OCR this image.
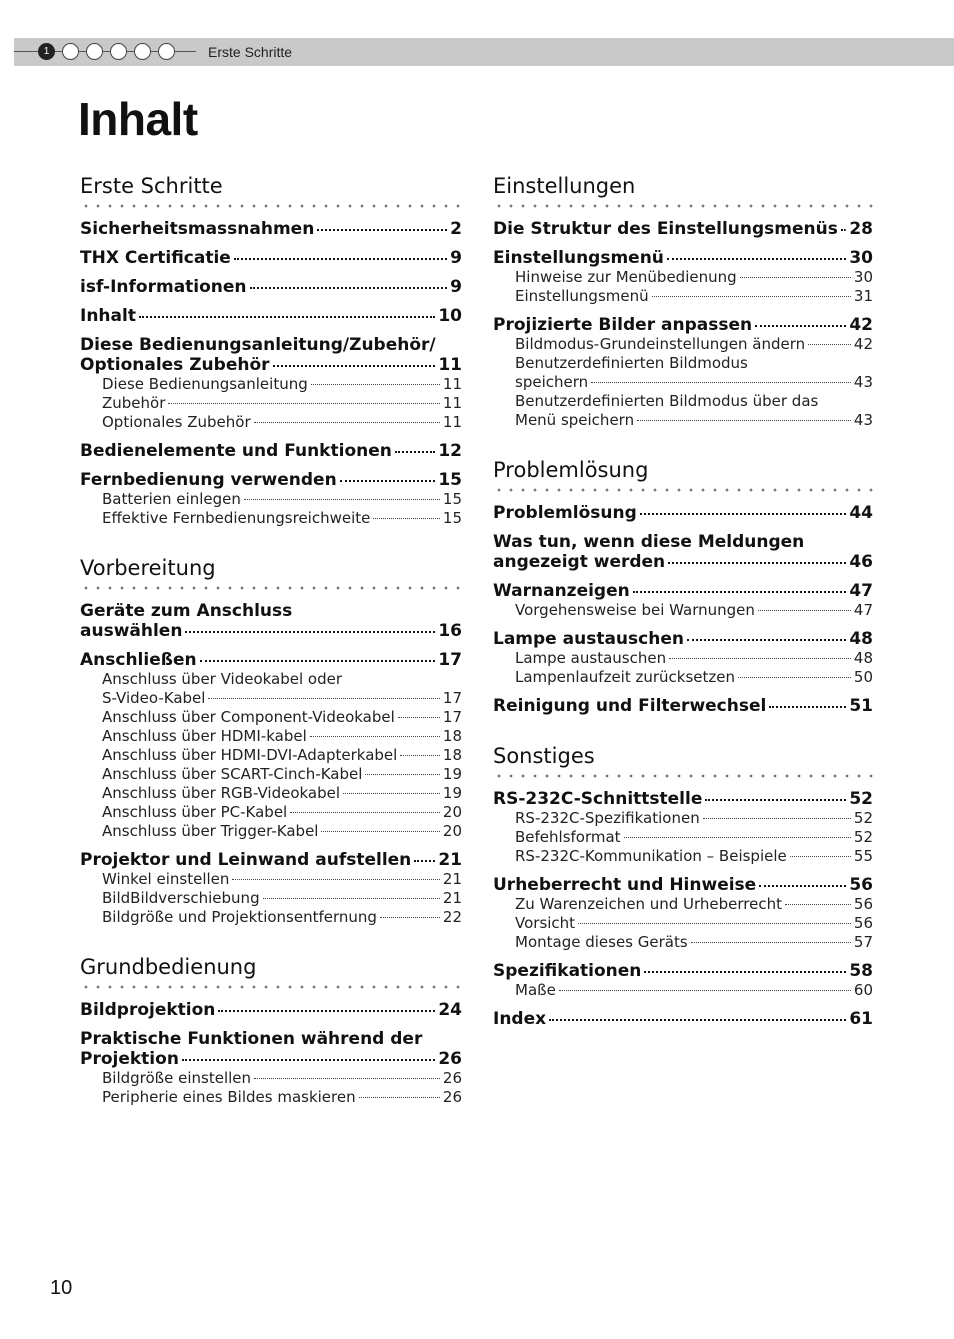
1	Erste Schritte
Inhalt
Erste Schritte
Sicherheitsmassnahmen	2
THX Certificatie	9
isf-Informationen	9
Inhalt	10
Diese Bedienungsanleitung/Zubehör/
Optionales Zubehör	11
Diese Bedienungsanleitung	11
Zubehör	11
Optionales Zubehör	11
Bedienelemente und Funktionen	12
Fernbedienung verwenden	15
Batterien einlegen	15
Effektive Fernbedienungsreichweite	15
Vorbereitung
Geräte zum Anschluss
auswählen	16
Anschließen	17
Anschluss über Videokabel oder
S-Video-Kabel	17
Anschluss über Component-Videokabel	17
Anschluss über HDMI-kabel	18
Anschluss über HDMI-DVI-Adapterkabel	18
Anschluss über SCART-Cinch-Kabel	19
Anschluss über RGB-Videokabel	19
Anschluss über PC-Kabel	20
Anschluss über Trigger-Kabel	20
Projektor und Leinwand aufstellen 21
Winkel einstellen	21
BildBildverschiebung	21
Bildgröße und Projektionsentfernung	22
Grundbedienung
Bildprojektion	24
Praktische Funktionen während der
Projektion	26
Bildgröße einstellen	26
Peripherie eines Bildes maskieren	26
Einstellungen
Die Struktur des Einstellungsmenüs 28
Einstellungsmenü	30
Hinweise zur Menübedienung	30
Einstellungsmenü	31
Projizierte Bilder anpassen	42
Bildmodus-Grundeinstellungen ändern	42
Benutzerdefinierten Bildmodus
speichern	43
Benutzerdefinierten Bildmodus über das
Menü speichern	43
Problemlösung
Problemlösung	44
Was tun, wenn diese Meldungen
angezeigt werden	46
Warnanzeigen	47
Vorgehensweise bei Warnungen	47
Lampe austauschen	48
Lampe austauschen	48
Lampenlaufzeit zurücksetzen	50
Reinigung und Filterwechsel	51
Sonstiges
RS-232C-Schnittstelle	52
RS-232C-Spezifikationen	52
Befehlsformat	52
RS-232C-Kommunikation – Beispiele	55
Urheberrecht und Hinweise	56
Zu Warenzeichen und Urheberrecht	56
Vorsicht	56
Montage dieses Geräts	57
Spezifikationen	58
Maße	60
Index	61
10
